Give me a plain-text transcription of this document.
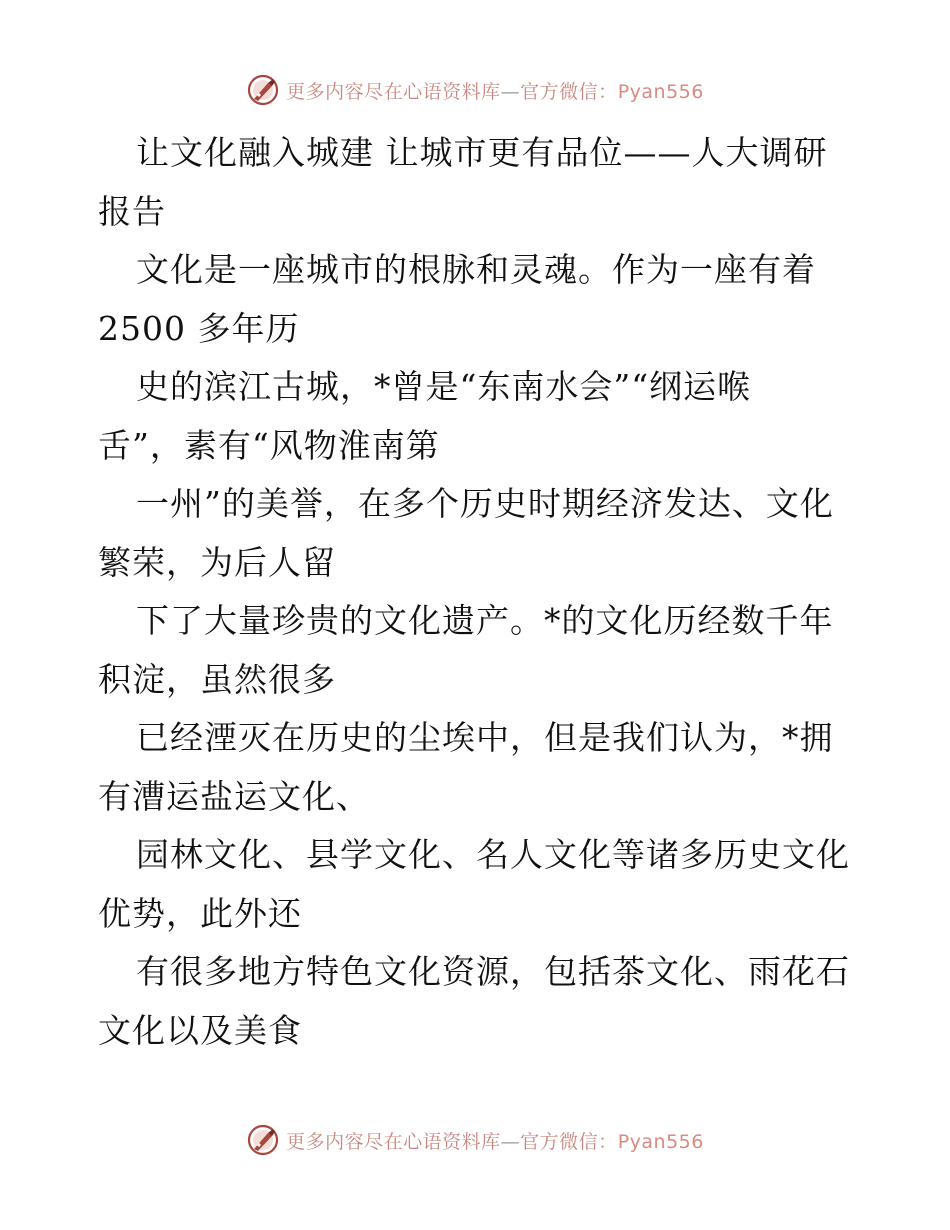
更多内容尽在心语资料库—官方微信：Pyan556
让文化融入城建 让城市更有品位——人大调研
报告
文化是一座城市的根脉和灵魂。作为一座有着
2500 多年历
史的滨江古城，*曾是“东南水会”“纲运喉
舌”，素有“风物淮南第
一州”的美誉，在多个历史时期经济发达、文化
繁荣，为后人留
下了大量珍贵的文化遗产。*的文化历经数千年
积淀，虽然很多
已经湮灭在历史的尘埃中，但是我们认为，*拥
有漕运盐运文化、
园林文化、县学文化、名人文化等诸多历史文化
优势，此外还
有很多地方特色文化资源，包括茶文化、雨花石
文化以及美食
更多内容尽在心语资料库—官方微信：Pyan556
